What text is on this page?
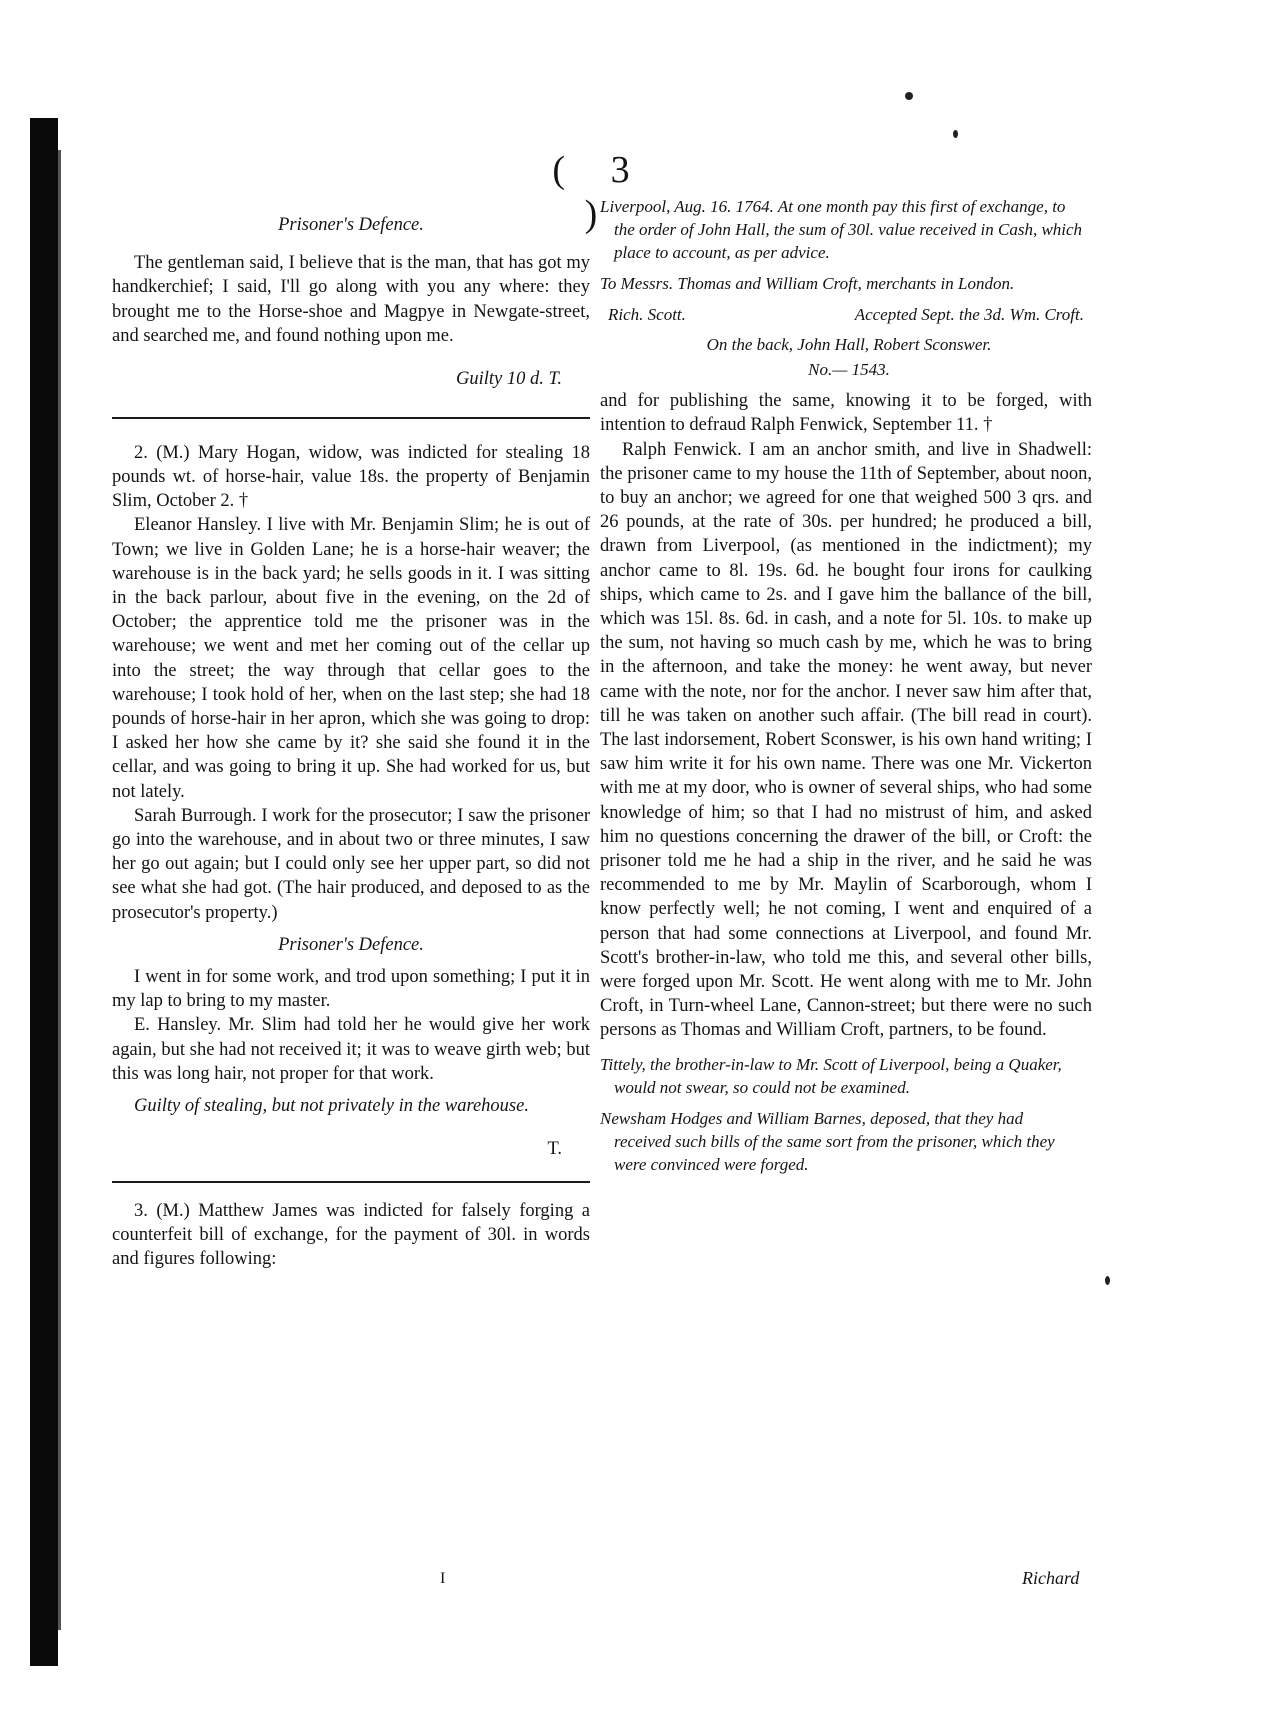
( 3 )

Prisoner's Defence.

The gentleman said, I believe that is the man, that has got my handkerchief; I said, I'll go along with you any where: they brought me to the Horse-shoe and Magpye in Newgate-street, and searched me, and found nothing upon me.

Guilty 10 d. T.

2. (M.) Mary Hogan, widow, was indicted for stealing 18 pounds wt. of horse-hair, value 18s. the property of Benjamin Slim, October 2. †

Eleanor Hansley. I live with Mr. Benjamin Slim; he is out of Town; we live in Golden Lane; he is a horse-hair weaver; the warehouse is in the back yard; he sells goods in it. I was sitting in the back parlour, about five in the evening, on the 2d of October; the apprentice told me the prisoner was in the warehouse; we went and met her coming out of the cellar up into the street; the way through that cellar goes to the warehouse; I took hold of her, when on the last step; she had 18 pounds of horse-hair in her apron, which she was going to drop: I asked her how she came by it? she said she found it in the cellar, and was going to bring it up. She had worked for us, but not lately.

Sarah Burrough. I work for the prosecutor; I saw the prisoner go into the warehouse, and in about two or three minutes, I saw her go out again; but I could only see her upper part, so did not see what she had got. (The hair produced, and deposed to as the prosecutor's property.)

Prisoner's Defence.

I went in for some work, and trod upon something; I put it in my lap to bring to my master.

E. Hansley. Mr. Slim had told her he would give her work again, but she had not received it; it was to weave girth web; but this was long hair, not proper for that work.

Guilty of stealing, but not privately in the warehouse.

T.

3. (M.) Matthew James was indicted for falsely forging a counterfeit bill of exchange, for the payment of 30l. in words and figures following:

Liverpool, Aug. 16. 1764. At one month pay this first of exchange, to the order of John Hall, the sum of 30l. value received in Cash, which place to account, as per advice.

To Messrs. Thomas and William Croft, merchants in London.

Rich. Scott.	Accepted Sept. the 3d. Wm. Croft.

On the back, John Hall, Robert Sconswer.

No.— 1543.

and for publishing the same, knowing it to be forged, with intention to defraud Ralph Fenwick, September 11. †

Ralph Fenwick. I am an anchor smith, and live in Shadwell: the prisoner came to my house the 11th of September, about noon, to buy an anchor; we agreed for one that weighed 500 3 qrs. and 26 pounds, at the rate of 30s. per hundred; he produced a bill, drawn from Liverpool, (as mentioned in the indictment); my anchor came to 8l. 19s. 6d. he bought four irons for caulking ships, which came to 2s. and I gave him the ballance of the bill, which was 15l. 8s. 6d. in cash, and a note for 5l. 10s. to make up the sum, not having so much cash by me, which he was to bring in the afternoon, and take the money: he went away, but never came with the note, nor for the anchor. I never saw him after that, till he was taken on another such affair. (The bill read in court). The last indorsement, Robert Sconswer, is his own hand writing; I saw him write it for his own name. There was one Mr. Vickerton with me at my door, who is owner of several ships, who had some knowledge of him; so that I had no mistrust of him, and asked him no questions concerning the drawer of the bill, or Croft: the prisoner told me he had a ship in the river, and he said he was recommended to me by Mr. Maylin of Scarborough, whom I know perfectly well; he not coming, I went and enquired of a person that had some connections at Liverpool, and found Mr. Scott's brother-in-law, who told me this, and several other bills, were forged upon Mr. Scott. He went along with me to Mr. John Croft, in Turn-wheel Lane, Cannon-street; but there were no such persons as Thomas and William Croft, partners, to be found.

Tittely, the brother-in-law to Mr. Scott of Liverpool, being a Quaker, would not swear, so could not be examined.

Newsham Hodges and William Barnes, deposed, that they had received such bills of the same sort from the prisoner, which they were convinced were forged.

I	Richard
